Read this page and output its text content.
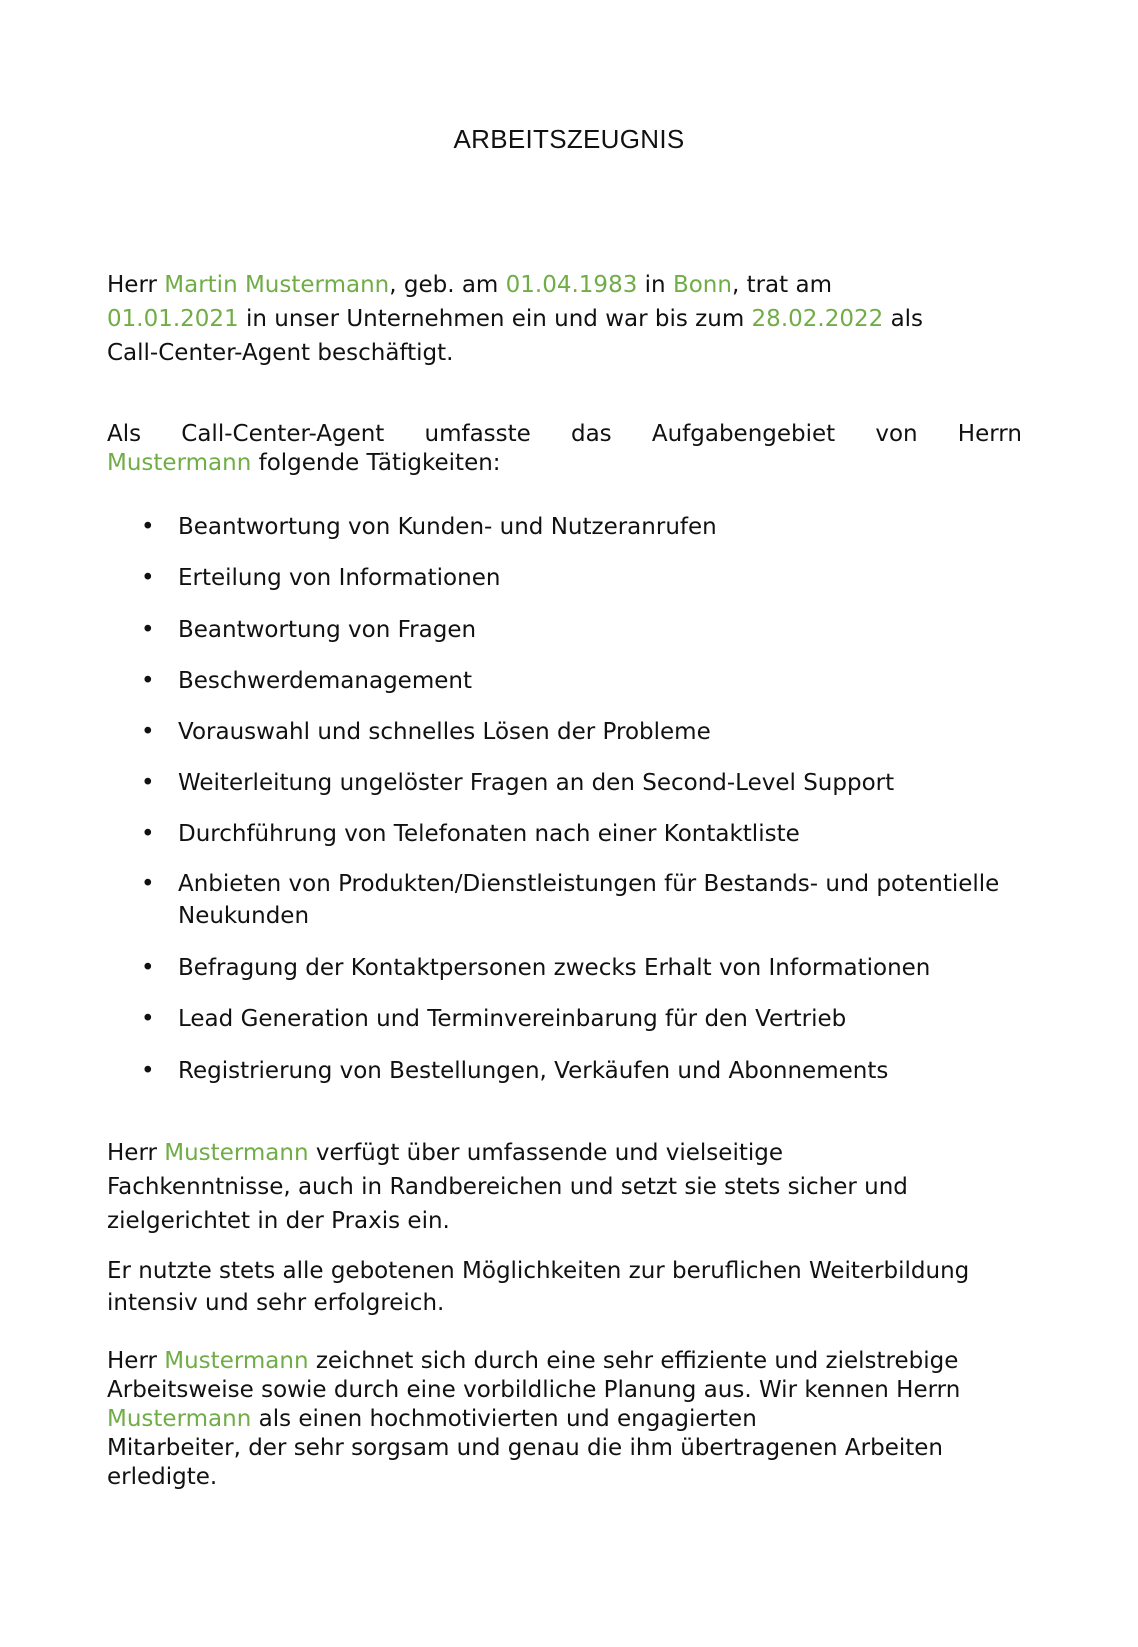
ARBEITSZEUGNIS
Herr Martin Mustermann, geb. am 01.04.1983 in Bonn, trat am
01.01.2021 in unser Unternehmen ein und war bis zum 28.02.2022 als
Call-Center-Agent beschäftigt.
Als Call-Center-Agent umfasste das Aufgabengebiet von Herrn
Mustermann folgende Tätigkeiten:
• Beantwortung von Kunden- und Nutzeranrufen
• Erteilung von Informationen
• Beantwortung von Fragen
• Beschwerdemanagement
• Vorauswahl und schnelles Lösen der Probleme
• Weiterleitung ungelöster Fragen an den Second-Level Support
• Durchführung von Telefonaten nach einer Kontaktliste
• Anbieten von Produkten/Dienstleistungen für Bestands- und potentielle Neukunden
• Befragung der Kontaktpersonen zwecks Erhalt von Informationen
• Lead Generation und Terminvereinbarung für den Vertrieb
• Registrierung von Bestellungen, Verkäufen und Abonnements
Herr Mustermann verfügt über umfassende und vielseitige
Fachkenntnisse, auch in Randbereichen und setzt sie stets sicher und
zielgerichtet in der Praxis ein.
Er nutzte stets alle gebotenen Möglichkeiten zur beruflichen Weiterbildung
intensiv und sehr erfolgreich.
Herr Mustermann zeichnet sich durch eine sehr effiziente und zielstrebige
Arbeitsweise sowie durch eine vorbildliche Planung aus. Wir kennen Herrn
Mustermann als einen hochmotivierten und engagierten
Mitarbeiter, der sehr sorgsam und genau die ihm übertragenen Arbeiten
erledigte.
